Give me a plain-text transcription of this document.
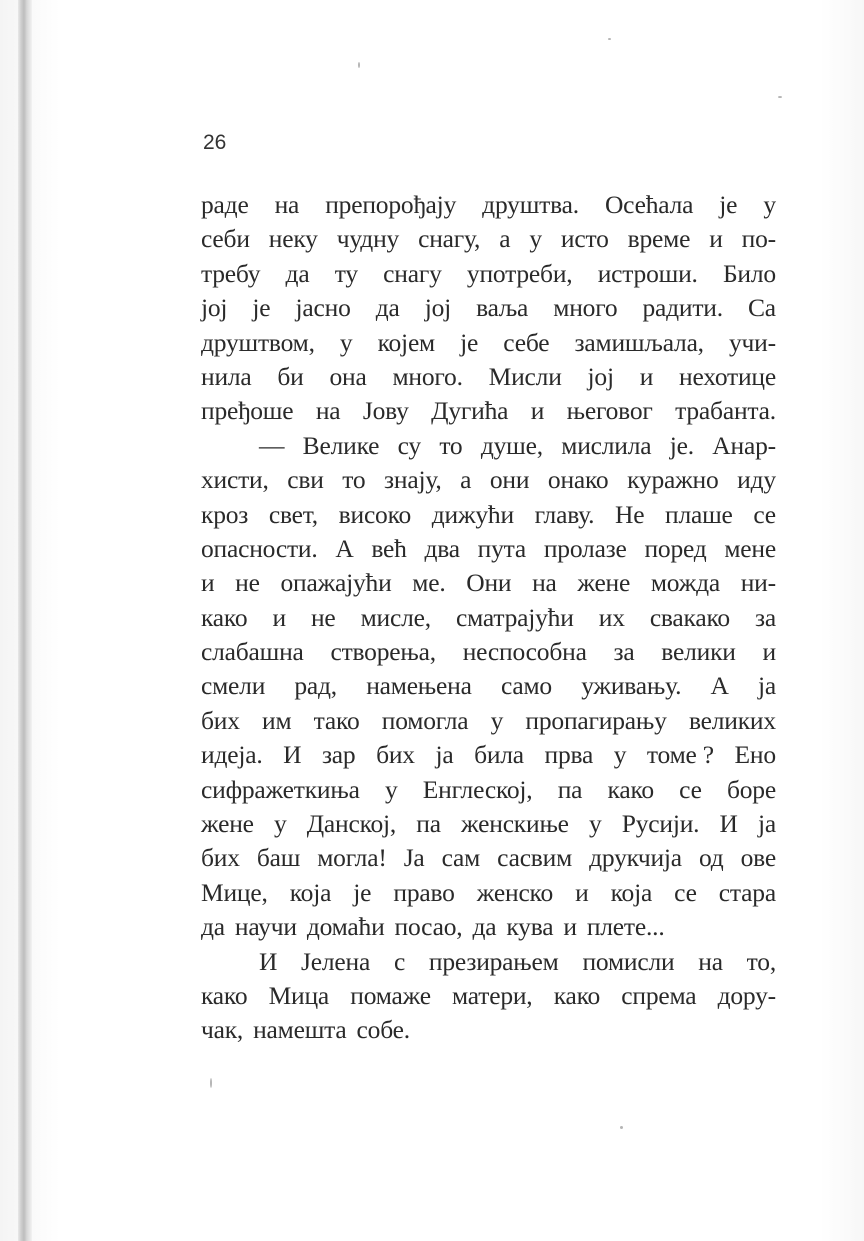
26
раде на препорођају друштва. Осећала је у
себи неку чудну снагу, а у исто време и по-
требу да ту снагу употреби, истроши. Било
јој је јасно да јој ваља много радити. Са
друштвом, у којем је себе замишљала, учи-
нила би она много. Мисли јој и нехотице
пређоше на Јову Дугића и његовог трабанта.
— Велике су то душе, мислила је. Анар-
хисти, сви то знају, а они онако куражно иду
кроз свет, високо дижући главу. Не плаше се
опасности. А већ два пута пролазе поред мене
и не опажајући ме. Они на жене можда ни-
како и не мисле, сматрајући их свакако за
слабашна створења, неспособна за велики и
смели рад, намењена само уживању. А ја
бих им тако помогла у пропагирању великих
идеја. И зар бих ја била прва у томе ? Ено
сифражеткиња у Енглеској, па како се боре
жене у Данској, па женскиње у Русији. И ја
бих баш могла! Ја сам сасвим друкчија од ове
Мице, која је право женско и која се стара
да научи домаћи посао, да кува и плете...
И Јелена с презирањем помисли на то,
како Мица помаже матери, како спрема дору-
чак, намешта собе.
